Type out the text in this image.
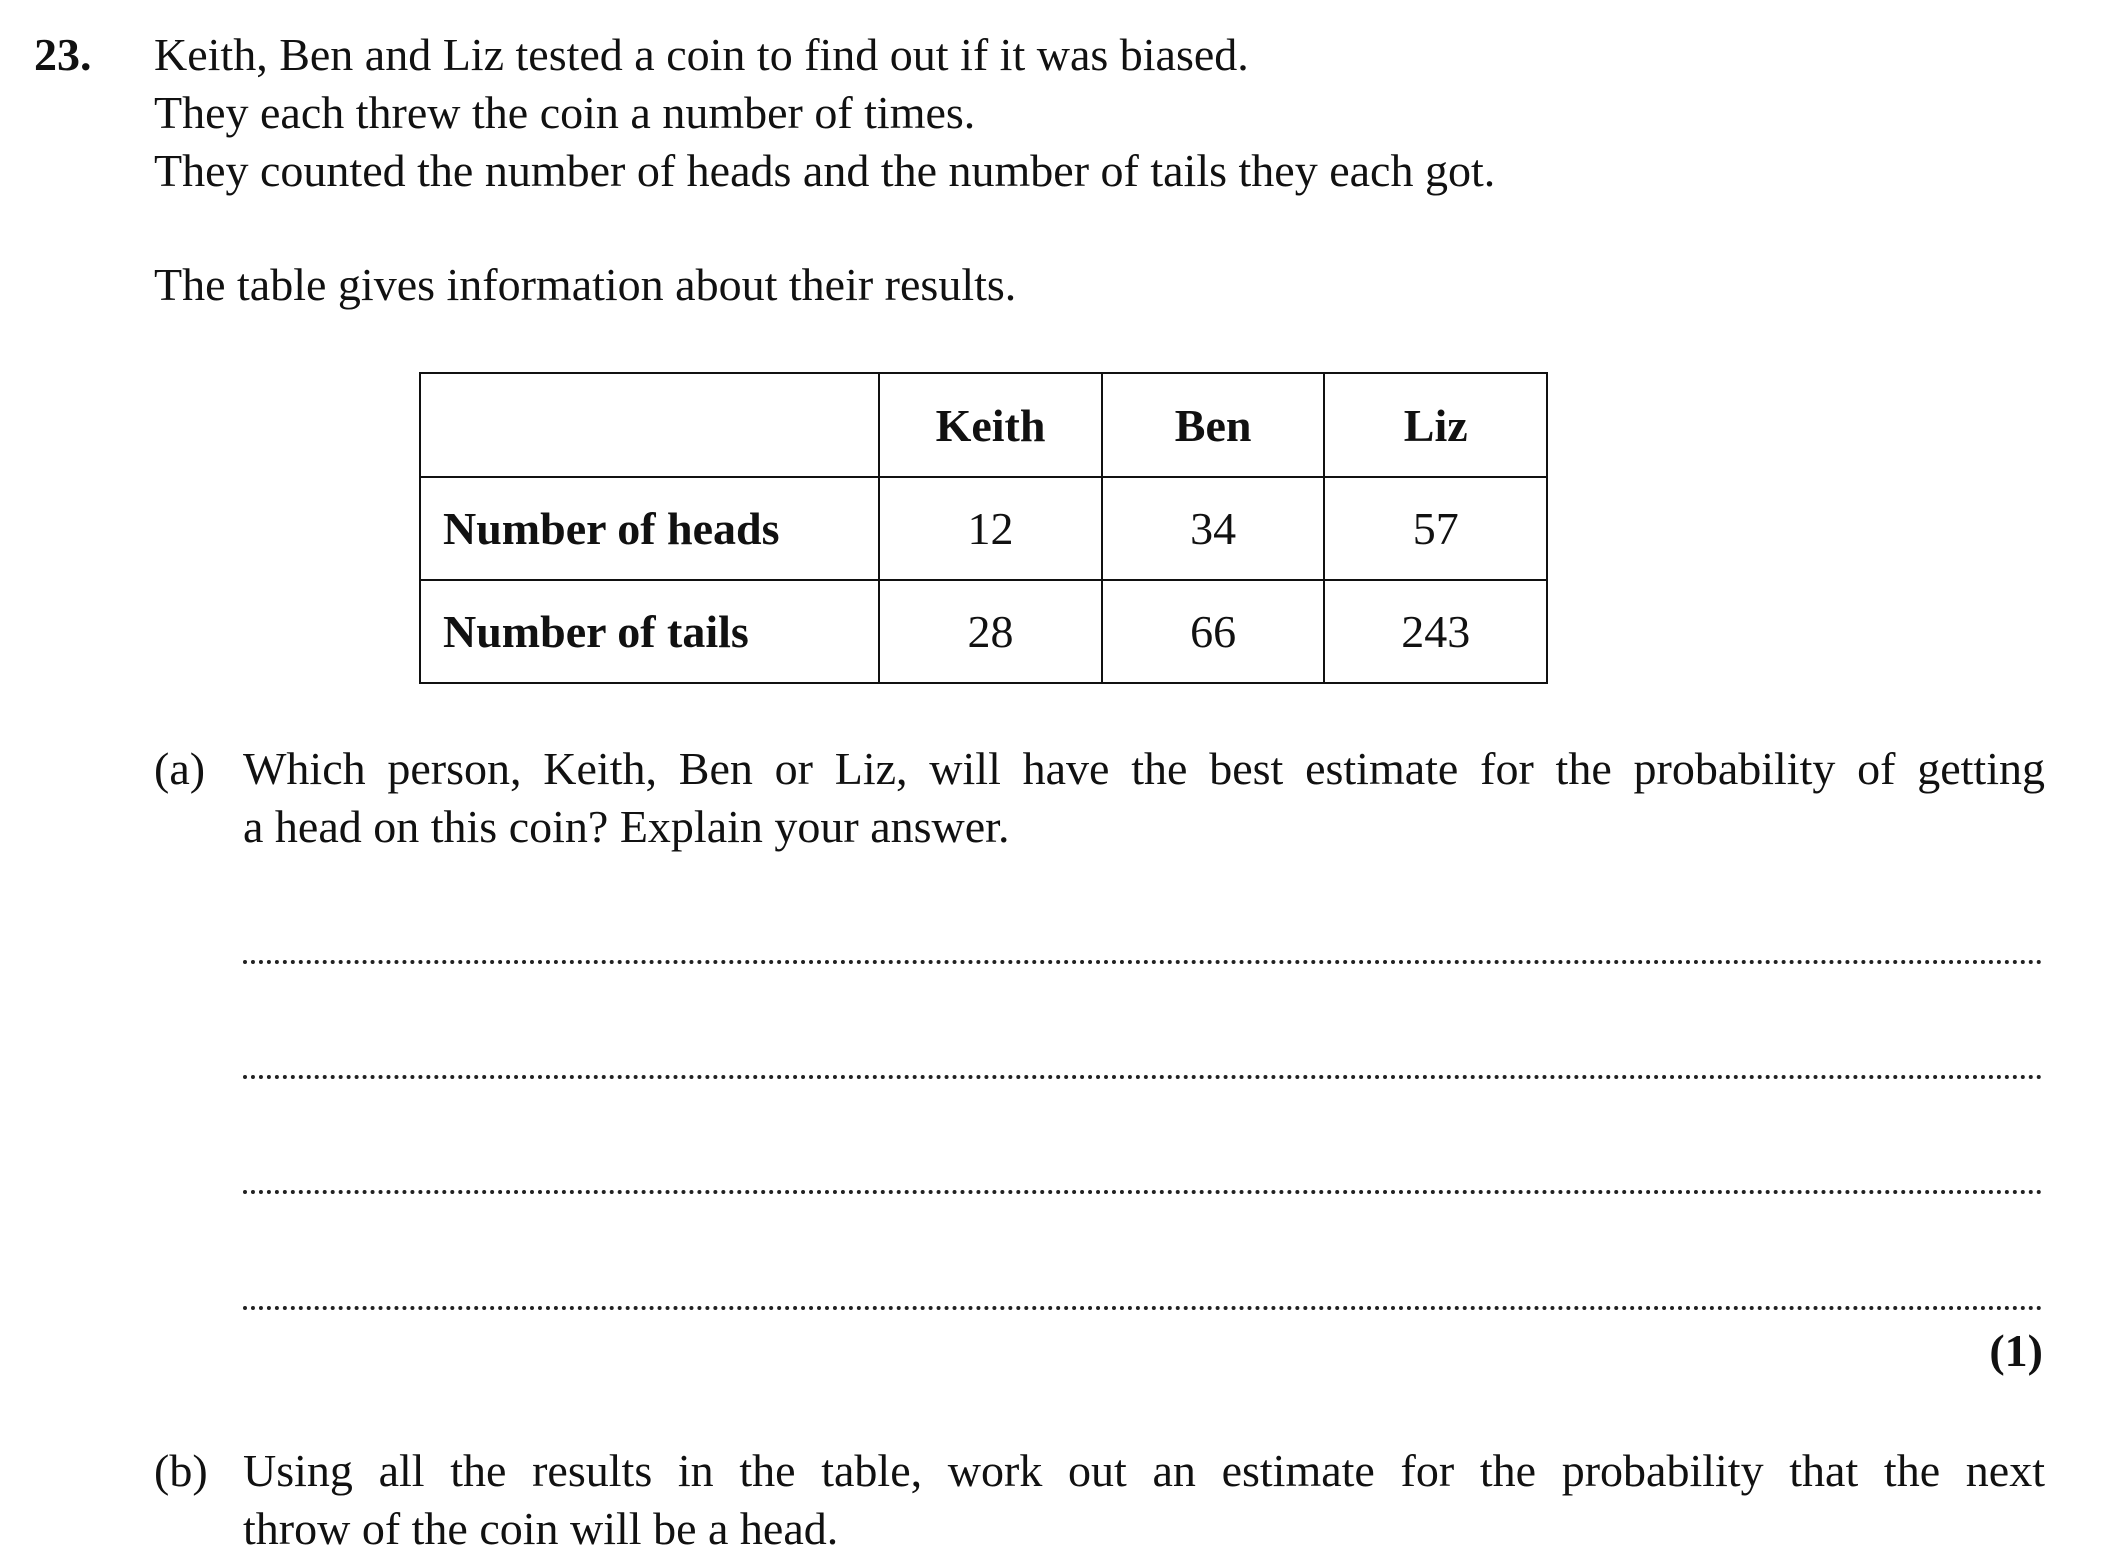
23. Keith, Ben and Liz tested a coin to find out if it was biased.
They each threw the coin a number of times.
They counted the number of heads and the number of tails they each got.
The table gives information about their results.
	Keith	Ben	Liz
Number of heads	12	34	57
Number of tails	28	66	243
(a) Which person, Keith, Ben or Liz, will have the best estimate for the probability of getting
a head on this coin? Explain your answer.
(1)
(b) Using all the results in the table, work out an estimate for the probability that the next
throw of the coin will be a head.
